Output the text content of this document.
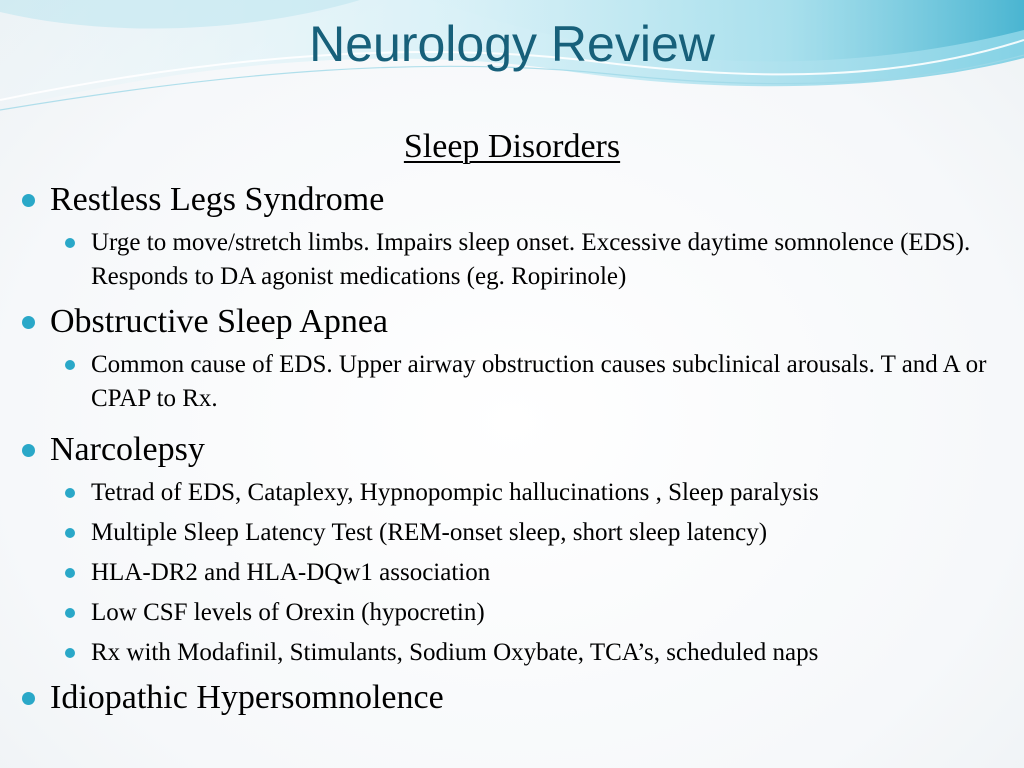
Neurology Review
Sleep Disorders
Restless Legs Syndrome
Urge to move/stretch limbs. Impairs sleep onset. Excessive daytime somnolence (EDS). Responds to DA agonist medications (eg. Ropirinole)
Obstructive Sleep Apnea
Common cause of EDS. Upper airway obstruction causes subclinical arousals. T and A or CPAP to Rx.
Narcolepsy
Tetrad of EDS, Cataplexy, Hypnopompic hallucinations , Sleep paralysis
Multiple Sleep Latency Test (REM-onset sleep, short sleep latency)
HLA-DR2 and HLA-DQw1 association
Low CSF levels of Orexin (hypocretin)
Rx with Modafinil, Stimulants, Sodium Oxybate, TCA’s, scheduled naps
Idiopathic Hypersomnolence
